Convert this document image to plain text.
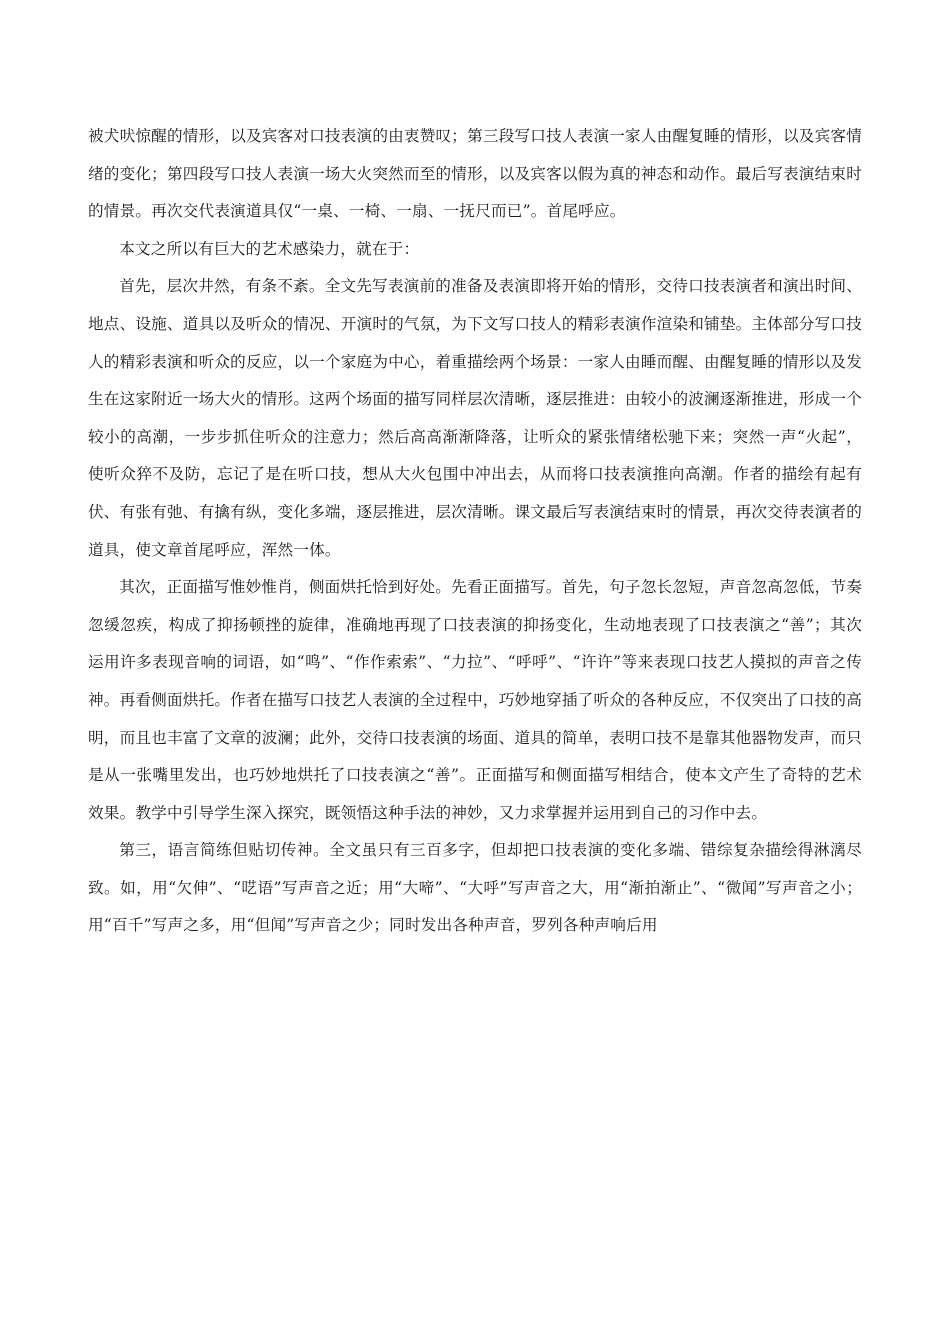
被犬吠惊醒的情形，以及宾客对口技表演的由衷赞叹；第三段写口技人表演一家人由醒复睡的情形，以及宾客情绪的变化；第四段写口技人表演一场大火突然而至的情形，以及宾客以假为真的神态和动作。最后写表演结束时的情景。再次交代表演道具仅“一桌、一椅、一扇、一抚尺而已”。首尾呼应。

本文之所以有巨大的艺术感染力，就在于：

首先，层次井然，有条不紊。全文先写表演前的准备及表演即将开始的情形，交待口技表演者和演出时间、地点、设施、道具以及听众的情况、开演时的气氛，为下文写口技人的精彩表演作渲染和铺垫。主体部分写口技人的精彩表演和听众的反应，以一个家庭为中心，着重描绘两个场景：一家人由睡而醒、由醒复睡的情形以及发生在这家附近一场大火的情形。这两个场面的描写同样层次清晰，逐层推进：由较小的波澜逐渐推进，形成一个较小的高潮，一步步抓住听众的注意力；然后高高渐渐降落，让听众的紧张情绪松驰下来；突然一声“火起”，使听众猝不及防，忘记了是在听口技，想从大火包围中冲出去，从而将口技表演推向高潮。作者的描绘有起有伏、有张有弛、有擒有纵，变化多端，逐层推进，层次清晰。课文最后写表演结束时的情景，再次交待表演者的道具，使文章首尾呼应，浑然一体。

其次，正面描写惟妙惟肖，侧面烘托恰到好处。先看正面描写。首先，句子忽长忽短，声音忽高忽低，节奏忽缓忽疾，构成了抑扬顿挫的旋律，准确地再现了口技表演的抑扬变化，生动地表现了口技表演之“善”；其次运用许多表现音响的词语，如“鸣”、“作作索索”、“力拉”、“呼呼”、“许许”等来表现口技艺人摸拟的声音之传神。再看侧面烘托。作者在描写口技艺人表演的全过程中，巧妙地穿插了听众的各种反应，不仅突出了口技的高明，而且也丰富了文章的波澜；此外，交待口技表演的场面、道具的简单，表明口技不是靠其他器物发声，而只是从一张嘴里发出，也巧妙地烘托了口技表演之“善”。正面描写和侧面描写相结合，使本文产生了奇特的艺术效果。教学中引导学生深入探究，既领悟这种手法的神妙，又力求掌握并运用到自己的习作中去。

第三，语言简练但贴切传神。全文虽只有三百多字，但却把口技表演的变化多端、错综复杂描绘得淋漓尽致。如，用“欠伸”、“呓语”写声音之近；用“大啼”、“大呼”写声音之大，用“渐拍渐止”、“微闻”写声音之小；用“百千”写声之多，用“但闻”写声音之少；同时发出各种声音，罗列各种声响后用
